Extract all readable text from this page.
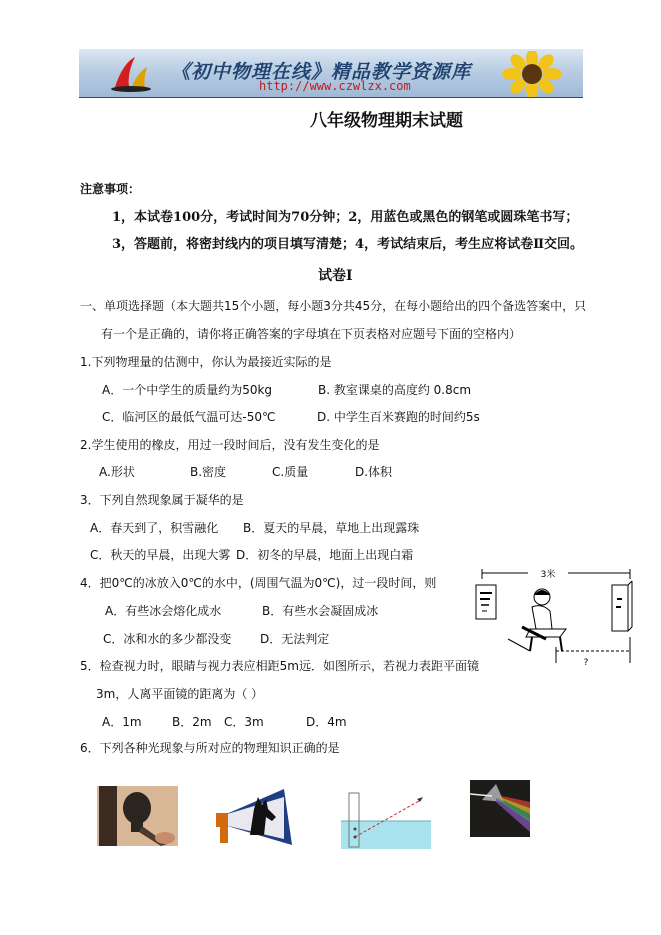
《初中物理在线》精品教学资源库
http://www.czwlzx.com
八年级物理期末试题
注意事项：
1，本试卷100分，考试时间为70分钟；2，用蓝色或黑色的钢笔或圆珠笔书写；
3，答题前，将密封线内的项目填写清楚；4，考试结束后，考生应将试卷Ⅱ交回。
试卷Ⅰ
一、单项选择题（本大题共15个小题，每小题3分共45分，在每小题给出的四个备选答案中，只
有一个是正确的，请你将正确答案的字母填在下页表格对应题号下面的空格内）
1.下列物理量的估测中，你认为最接近实际的是
A．一个中学生的质量约为50kg	B. 教室课桌的高度约 0.8cm
C．临河区的最低气温可达-50℃	D. 中学生百米赛跑的时间约5s
2.学生使用的橡皮，用过一段时间后，没有发生变化的是
A.形状	B.密度	C.质量	D.体积
3．下列自然现象属于凝华的是
A．春天到了，积雪融化 B．夏天的早晨，草地上出现露珠
C．秋天的早晨，出现大雾 D．初冬的早晨，地面上出现白霜
4．把0℃的冰放入0℃的水中，(周围气温为0℃)，过一段时间，则
A．有些冰会熔化成水	B．有些水会凝固成冰
C．冰和水的多少都没变 D．无法判定
5．检查视力时，眼睛与视力表应相距5m远．如图所示，若视力表距平面镜
3m，人离平面镜的距离为（ ）
A．1m	B．2m C．3m	D．4m
6．下列各种光现象与所对应的物理知识正确的是
3米
?
